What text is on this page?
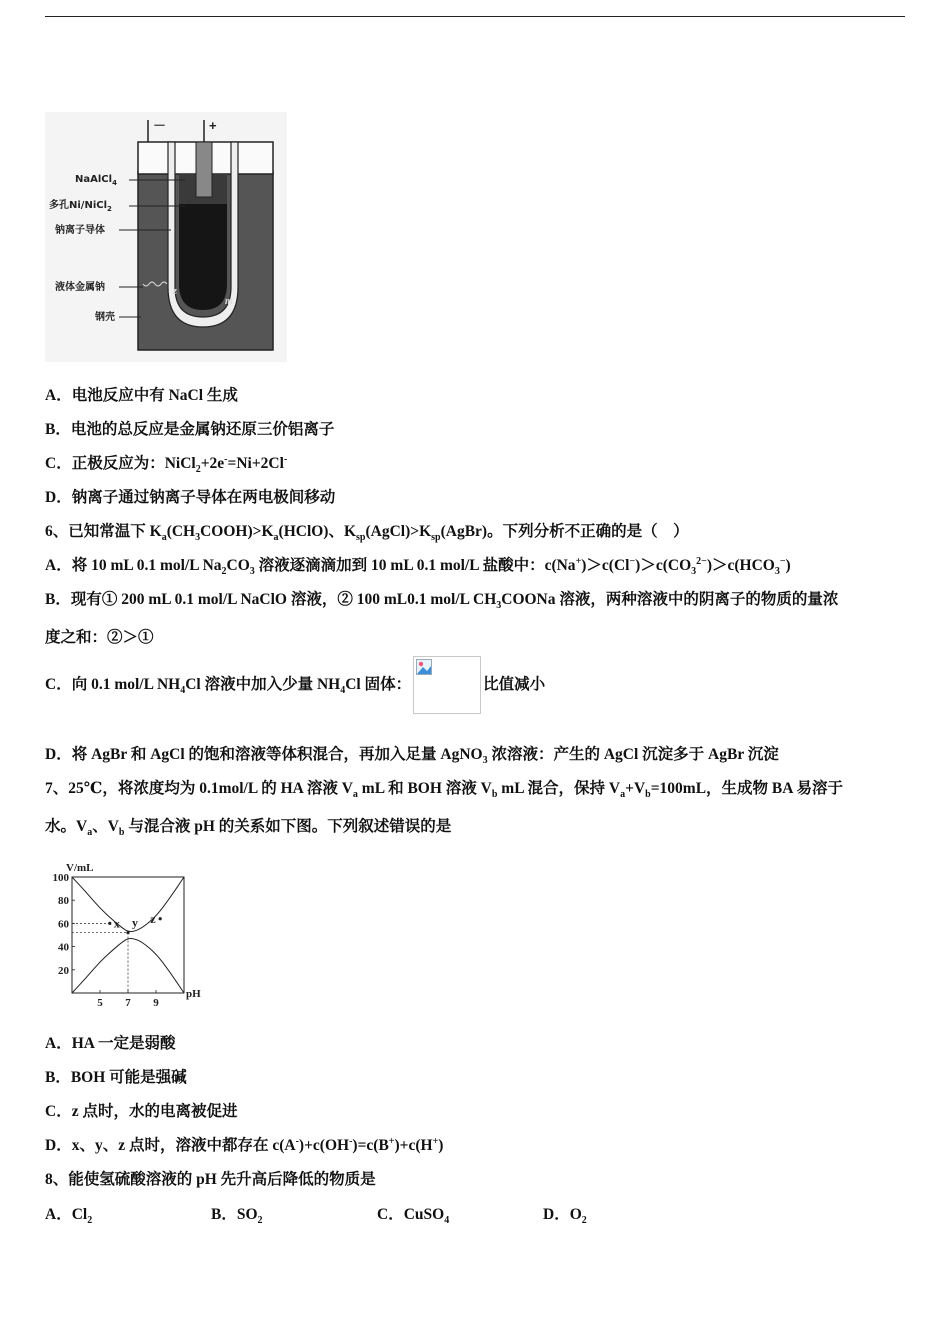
－	+
NaAlCl$_4$
多孔Ni/NiCl$_2$
钠离子导体
液体金属钠
钢壳
z
m
A．电池反应中有 NaCl 生成
B．电池的总反应是金属钠还原三价铝离子
C．正极反应为：NiCl$_2$+2e-=Ni+2Cl-
D．钠离子通过钠离子导体在两电极间移动
6、已知常温下 $K_a(CH_3COOH)>K_a(HClO)$、$K_{sp}(AgCl)>K_{sp}(AgBr)$。下列分析不正确的是（　）
A．将 10 mL 0.1 mol/L $Na_2CO_3$ 溶液逐滴滴加到 10 mL 0.1 mol/L 盐酸中：$c(Na^+)>c(Cl^-)>c(CO_3^{2-})>c(HCO_3^-)$
B．现有① 200 mL 0.1 mol/L NaClO 溶液，② 100 mL0.1 mol/L $CH_3COONa$ 溶液，两种溶液中的阴离子的物质的量浓
度之和：②＞①
C．向 0.1 mol/L $NH_4Cl$ 溶液中加入少量 $NH_4Cl$ 固体：	比值减小
D．将 AgBr 和 AgCl 的饱和溶液等体积混合，再加入足量 AgNO$_3$ 浓溶液：产生的 AgCl 沉淀多于 AgBr 沉淀
7、25℃，将浓度均为 0.1mol/L 的 HA 溶液 $V_a$ mL 和 BOH 溶液 $V_b$ mL 混合，保持 $V_a+V_b=100mL$，生成物 BA 易溶于
水。$V_a$、$V_b$ 与混合液 pH 的关系如下图。下列叙述错误的是
20
40
60
80
100
5 7 9
V/mL
pH
x y z
A．HA 一定是弱酸
B．BOH 可能是强碱
C．z 点时，水的电离被促进
D．x、y、z 点时，溶液中都存在 c(A-)+c(OH-)=c(B+)+c(H+)
8、能使氢硫酸溶液的 pH 先升高后降低的物质是
A．$Cl_2$	B．$SO_2$	C．CuSO$_4$	D．$O_2$
